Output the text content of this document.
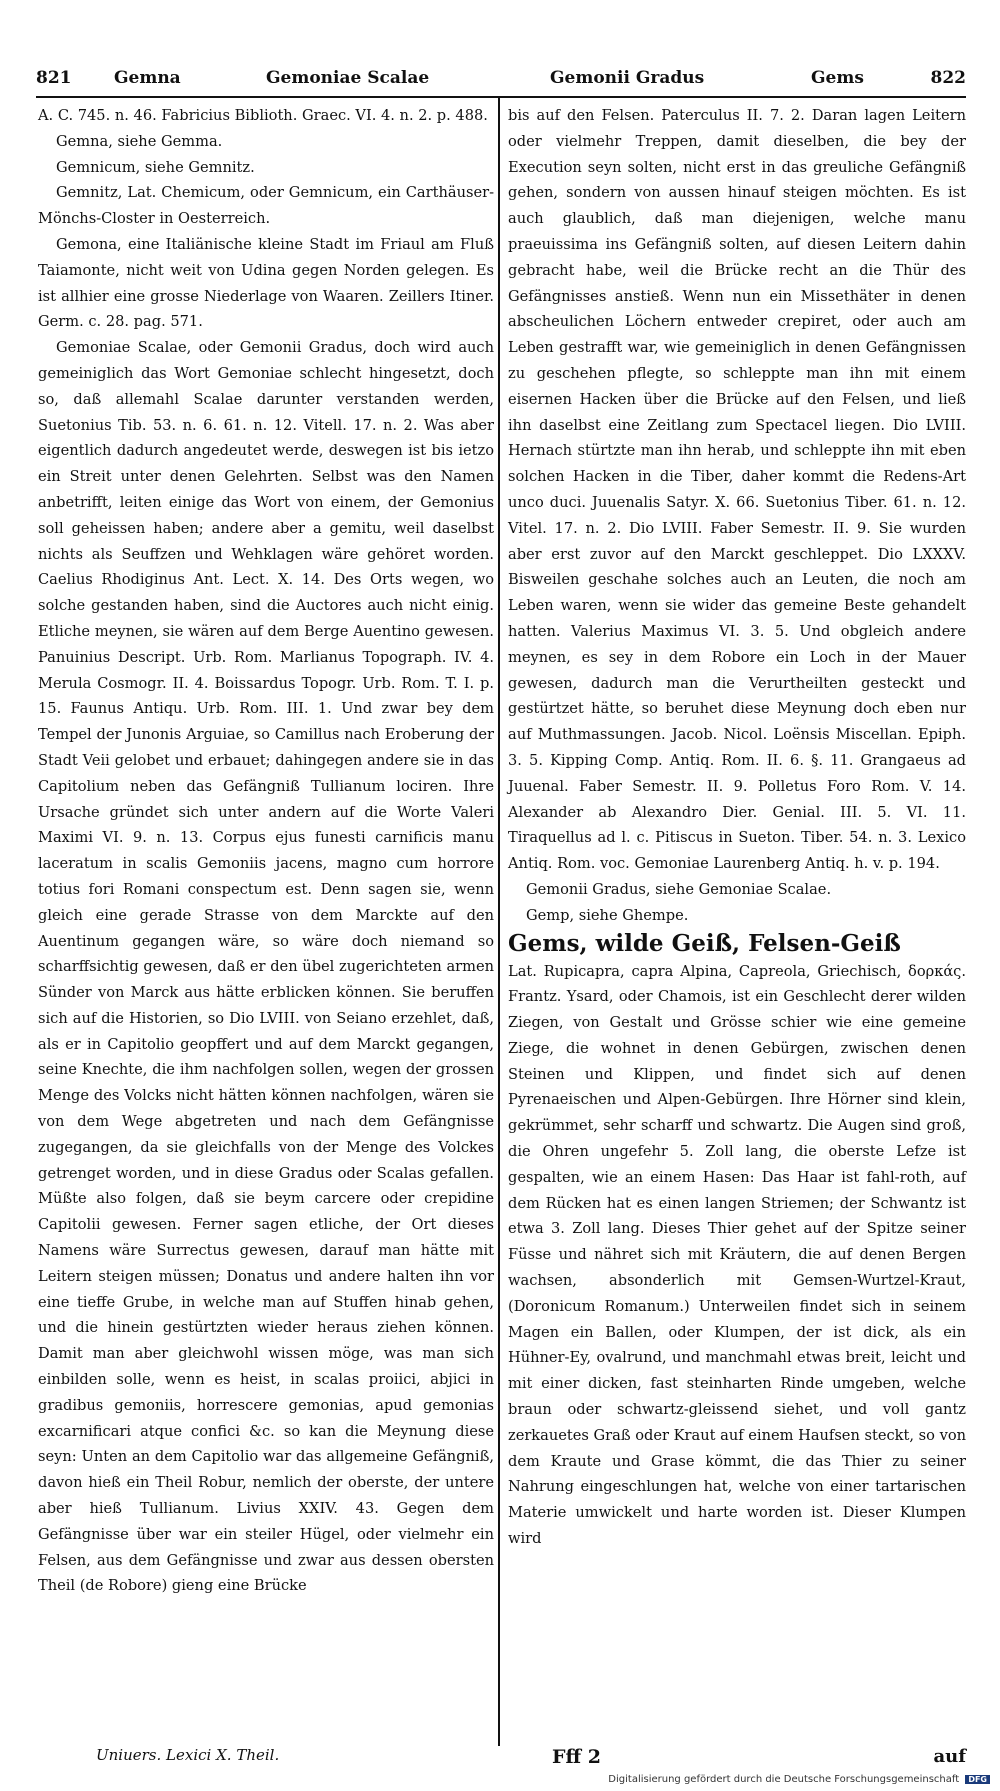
821	Gemna	Gemoniae Scalae	Gemonii Gradus	Gems	822

A. C. 745. n. 46. Fabricius Biblioth. Graec. VI. 4. n. 2. p. 488.

Gemna, siehe Gemma.

Gemnicum, siehe Gemnitz.

Gemnitz, Lat. Chemicum, oder Gemnicum, ein Carthäuser-Mönchs-Closter in Oesterreich.

Gemona, eine Italiänische kleine Stadt im Friaul am Fluß Taiamonte, nicht weit von Udina gegen Norden gelegen. Es ist allhier eine grosse Niederlage von Waaren. Zeillers Itiner. Germ. c. 28. pag. 571.

Gemoniae Scalae, oder Gemonii Gradus, doch wird auch gemeiniglich das Wort Gemoniae schlecht hingesetzt, doch so, daß allemahl Scalae darunter verstanden werden, Suetonius Tib. 53. n. 6. 61. n. 12. Vitell. 17. n. 2. Was aber eigentlich dadurch angedeutet werde, deswegen ist bis ietzo ein Streit unter denen Gelehrten. Selbst was den Namen anbetrifft, leiten einige das Wort von einem, der Gemonius soll geheissen haben; andere aber a gemitu, weil daselbst nichts als Seuffzen und Wehklagen wäre gehöret worden. Caelius Rhodiginus Ant. Lect. X. 14. Des Orts wegen, wo solche gestanden haben, sind die Auctores auch nicht einig. Etliche meynen, sie wären auf dem Berge Auentino gewesen. Panuinius Descript. Urb. Rom. Marlianus Topograph. IV. 4. Merula Cosmogr. II. 4. Boissardus Topogr. Urb. Rom. T. I. p. 15. Faunus Antiqu. Urb. Rom. III. 1. Und zwar bey dem Tempel der Junonis Arguiae, so Camillus nach Eroberung der Stadt Veii gelobet und erbauet; dahingegen andere sie in das Capitolium neben das Gefängniß Tullianum lociren. Ihre Ursache gründet sich unter andern auf die Worte Valeri Maximi VI. 9. n. 13. Corpus ejus funesti carnificis manu laceratum in scalis Gemoniis jacens, magno cum horrore totius fori Romani conspectum est. Denn sagen sie, wenn gleich eine gerade Strasse von dem Marckte auf den Auentinum gegangen wäre, so wäre doch niemand so scharffsichtig gewesen, daß er den übel zugerichteten armen Sünder von Marck aus hätte erblicken können. Sie beruffen sich auf die Historien, so Dio LVIII. von Seiano erzehlet, daß, als er in Capitolio geopffert und auf dem Marckt gegangen, seine Knechte, die ihm nachfolgen sollen, wegen der grossen Menge des Volcks nicht hätten können nachfolgen, wären sie von dem Wege abgetreten und nach dem Gefängnisse zugegangen, da sie gleichfalls von der Menge des Volckes getrenget worden, und in diese Gradus oder Scalas gefallen. Müßte also folgen, daß sie beym carcere oder crepidine Capitolii gewesen. Ferner sagen etliche, der Ort dieses Namens wäre Surrectus gewesen, darauf man hätte mit Leitern steigen müssen; Donatus und andere halten ihn vor eine tieffe Grube, in welche man auf Stuffen hinab gehen, und die hinein gestürtzten wieder heraus ziehen können. Damit man aber gleichwohl wissen möge, was man sich einbilden solle, wenn es heist, in scalas proiici, abjici in gradibus gemoniis, horrescere gemonias, apud gemonias excarnificari atque confici &c. so kan die Meynung diese seyn: Unten an dem Capitolio war das allgemeine Gefängniß, davon hieß ein Theil Robur, nemlich der oberste, der untere aber hieß Tullianum. Livius XXIV. 43. Gegen dem Gefängnisse über war ein steiler Hügel, oder vielmehr ein Felsen, aus dem Gefängnisse und zwar aus dessen obersten Theil (de Robore) gieng eine Brücke

bis auf den Felsen. Paterculus II. 7. 2. Daran lagen Leitern oder vielmehr Treppen, damit dieselben, die bey der Execution seyn solten, nicht erst in das greuliche Gefängniß gehen, sondern von aussen hinauf steigen möchten. Es ist auch glaublich, daß man diejenigen, welche manu praeuissima ins Gefängniß solten, auf diesen Leitern dahin gebracht habe, weil die Brücke recht an die Thür des Gefängnisses anstieß. Wenn nun ein Missethäter in denen abscheulichen Löchern entweder crepiret, oder auch am Leben gestrafft war, wie gemeiniglich in denen Gefängnissen zu geschehen pflegte, so schleppte man ihn mit einem eisernen Hacken über die Brücke auf den Felsen, und ließ ihn daselbst eine Zeitlang zum Spectacel liegen. Dio LVIII. Hernach stürtzte man ihn herab, und schleppte ihn mit eben solchen Hacken in die Tiber, daher kommt die Redens-Art unco duci. Juuenalis Satyr. X. 66. Suetonius Tiber. 61. n. 12. Vitel. 17. n. 2. Dio LVIII. Faber Semestr. II. 9. Sie wurden aber erst zuvor auf den Marckt geschleppet. Dio LXXXV. Bisweilen geschahe solches auch an Leuten, die noch am Leben waren, wenn sie wider das gemeine Beste gehandelt hatten. Valerius Maximus VI. 3. 5. Und obgleich andere meynen, es sey in dem Robore ein Loch in der Mauer gewesen, dadurch man die Verurtheilten gesteckt und gestürtzet hätte, so beruhet diese Meynung doch eben nur auf Muthmassungen. Jacob. Nicol. Loënsis Miscellan. Epiph. 3. 5. Kipping Comp. Antiq. Rom. II. 6. §. 11. Grangaeus ad Juuenal. Faber Semestr. II. 9. Polletus Foro Rom. V. 14. Alexander ab Alexandro Dier. Genial. III. 5. VI. 11. Tiraquellus ad l. c. Pitiscus in Sueton. Tiber. 54. n. 3. Lexico Antiq. Rom. voc. Gemoniae Laurenberg Antiq. h. v. p. 194.

Gemonii Gradus, siehe Gemoniae Scalae.

Gemp, siehe Ghempe.

Gems, wilde Geiß, Felsen-Geiß

Lat. Rupicapra, capra Alpina, Capreola, Griechisch, δορκάς. Frantz. Ysard, oder Chamois, ist ein Geschlecht derer wilden Ziegen, von Gestalt und Grösse schier wie eine gemeine Ziege, die wohnet in denen Gebürgen, zwischen denen Steinen und Klippen, und findet sich auf denen Pyrenaeischen und Alpen-Gebürgen. Ihre Hörner sind klein, gekrümmet, sehr scharff und schwartz. Die Augen sind groß, die Ohren ungefehr 5. Zoll lang, die oberste Lefze ist gespalten, wie an einem Hasen: Das Haar ist fahl-roth, auf dem Rücken hat es einen langen Striemen; der Schwantz ist etwa 3. Zoll lang. Dieses Thier gehet auf der Spitze seiner Füsse und nähret sich mit Kräutern, die auf denen Bergen wachsen, absonderlich mit Gemsen-Wurtzel-Kraut, (Doronicum Romanum.) Unterweilen findet sich in seinem Magen ein Ballen, oder Klumpen, der ist dick, als ein Hühner-Ey, ovalrund, und manchmahl etwas breit, leicht und mit einer dicken, fast steinharten Rinde umgeben, welche braun oder schwartz-gleissend siehet, und voll gantz zerkauetes Graß oder Kraut auf einem Haufsen steckt, so von dem Kraute und Grase kömmt, die das Thier zu seiner Nahrung eingeschlungen hat, welche von einer tartarischen Materie umwickelt und harte worden ist. Dieser Klumpen wird

Uniuers. Lexici X. Theil.	Fff 2	auf
Digitalisierung gefördert durch die Deutsche Forschungsgemeinschaft DFG
